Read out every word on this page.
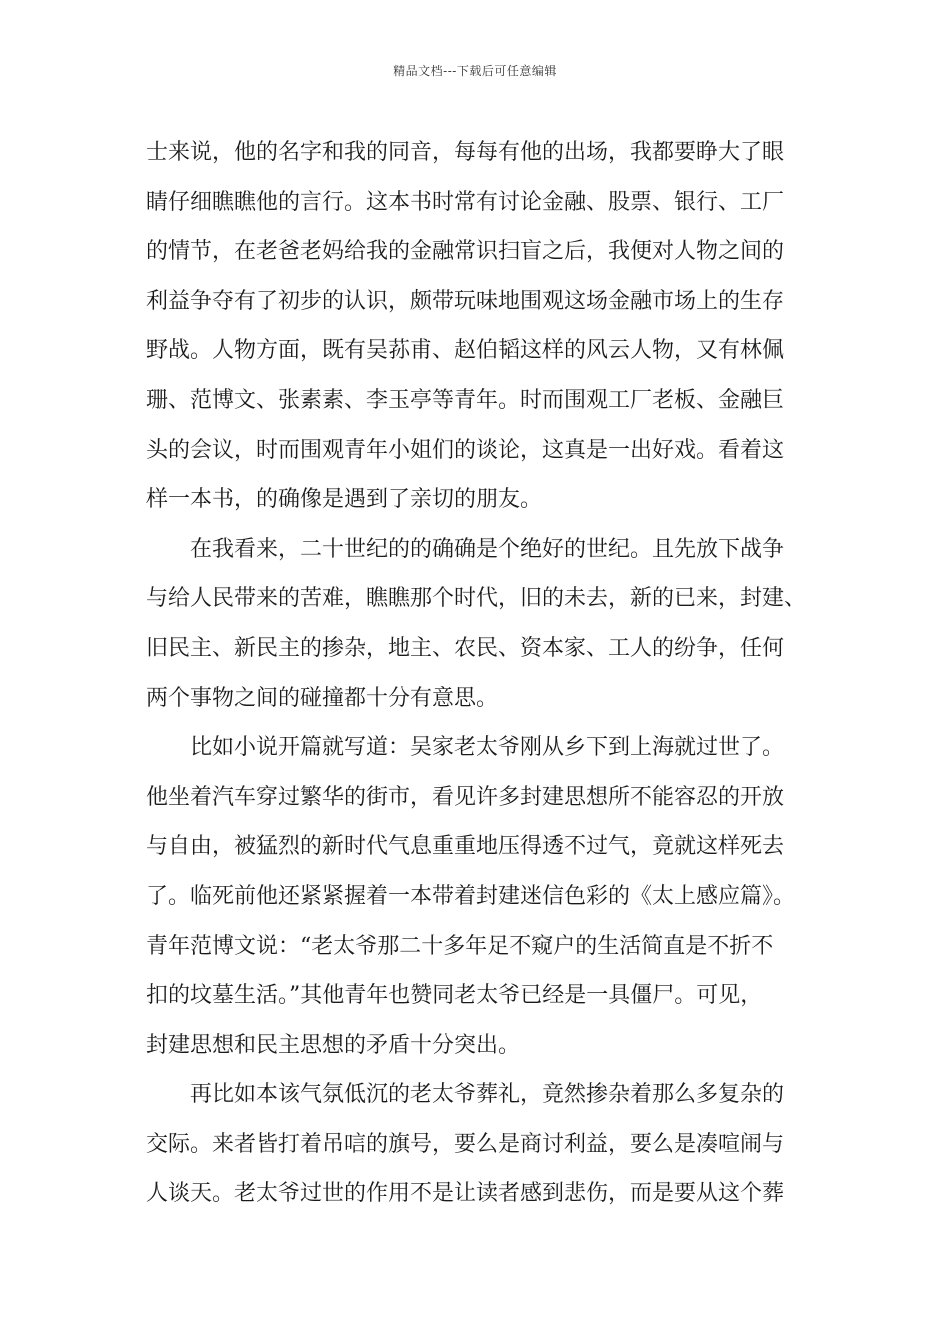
精品文档---下载后可任意编辑
士来说，他的名字和我的同音，每每有他的出场，我都要睁大了眼
睛仔细瞧瞧他的言行。这本书时常有讨论金融、股票、银行、工厂
的情节，在老爸老妈给我的金融常识扫盲之后，我便对人物之间的
利益争夺有了初步的认识，颇带玩味地围观这场金融市场上的生存
野战。人物方面，既有吴荪甫、赵伯韬这样的风云人物，又有林佩
珊、范博文、张素素、李玉亭等青年。时而围观工厂老板、金融巨
头的会议，时而围观青年小姐们的谈论，这真是一出好戏。看着这
样一本书，的确像是遇到了亲切的朋友。
在我看来，二十世纪的的确确是个绝好的世纪。且先放下战争
与给人民带来的苦难，瞧瞧那个时代，旧的未去，新的已来，封建、
旧民主、新民主的掺杂，地主、农民、资本家、工人的纷争，任何
两个事物之间的碰撞都十分有意思。
比如小说开篇就写道：吴家老太爷刚从乡下到上海就过世了。
他坐着汽车穿过繁华的街市，看见许多封建思想所不能容忍的开放
与自由，被猛烈的新时代气息重重地压得透不过气，竟就这样死去
了。临死前他还紧紧握着一本带着封建迷信色彩的《太上感应篇》。
青年范博文说：“老太爷那二十多年足不窥户的生活简直是不折不
扣的坟墓生活。”其他青年也赞同老太爷已经是一具僵尸。可见，
封建思想和民主思想的矛盾十分突出。
再比如本该气氛低沉的老太爷葬礼，竟然掺杂着那么多复杂的
交际。来者皆打着吊唁的旗号，要么是商讨利益，要么是凑喧闹与
人谈天。老太爷过世的作用不是让读者感到悲伤，而是要从这个葬
